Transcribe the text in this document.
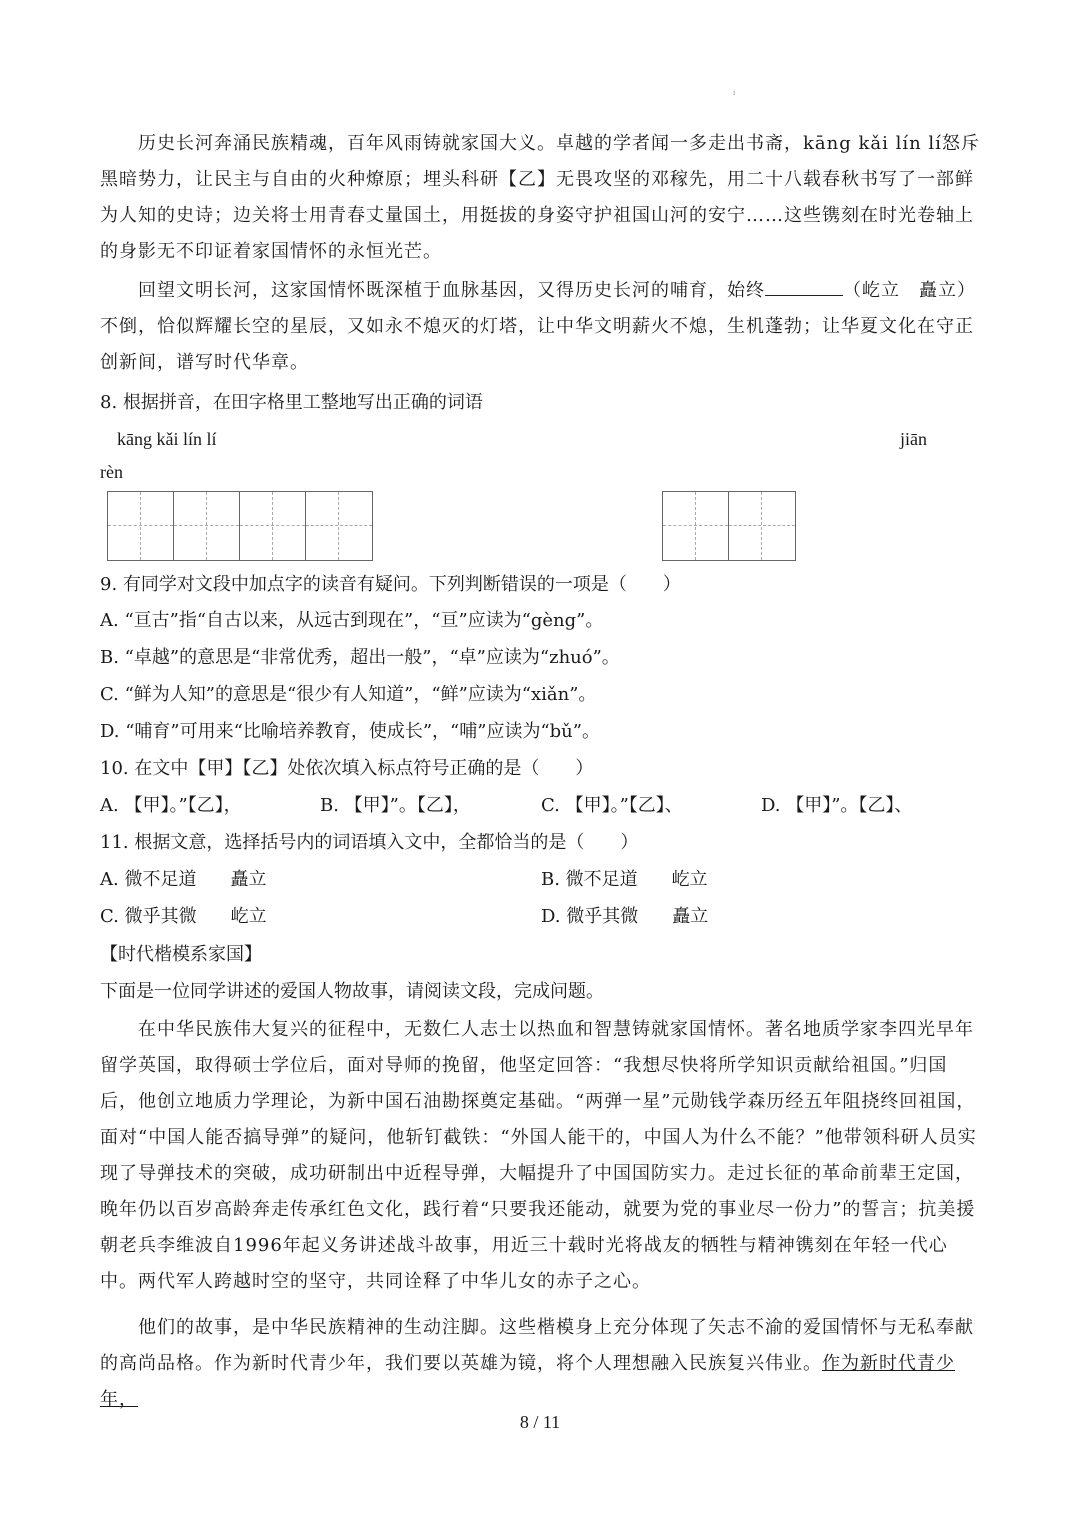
i
历史长河奔涌民族精魂，百年风雨铸就家国大义。卓越的学者闻一多走出书斋，kāng kǎi lín lí怒斥黑暗势力，让民主与自由的火种燎原；埋头科研【乙】无畏攻坚的邓稼先，用二十八载春秋书写了一部鲜为人知的史诗；边关将士用青春丈量国土，用挺拔的身姿守护祖国山河的安宁……这些镌刻在时光卷轴上的身影无不印证着家国情怀的永恒光芒。
回望文明长河，这家国情怀既深植于血脉基因，又得历史长河的哺育，始终	（屹立　矗立）不倒，恰似辉耀长空的星辰，又如永不熄灭的灯塔，让中华文明薪火不熄，生机蓬勃；让华夏文化在守正创新间，谱写时代华章。
8. 根据拼音，在田字格里工整地写出正确的词语
kāng kǎi lín lí	jiān
rèn
9. 有同学对文段中加点字的读音有疑问。下列判断错误的一项是（　　）
A. “亘古”指“自古以来，从远古到现在”，“亘”应读为“gèng”。
B. “卓越”的意思是“非常优秀，超出一般”，“卓”应读为“zhuó”。
C. “鲜为人知”的意思是“很少有人知道”，“鲜”应读为“xiǎn”。
D. “哺育”可用来“比喻培养教育，使成长”，“哺”应读为“bǔ”。
10. 在文中【甲】【乙】处依次填入标点符号正确的是（　　）
A. 【甲】。”【乙】，	B. 【甲】”。【乙】，	C. 【甲】。”【乙】、	D. 【甲】”。【乙】、
11. 根据文意，选择括号内的词语填入文中，全都恰当的是（　　）
A. 微不足道 矗立	B. 微不足道 屹立
C. 微乎其微 屹立	D. 微乎其微 矗立
【时代楷模系家国】
下面是一位同学讲述的爱国人物故事，请阅读文段，完成问题。
在中华民族伟大复兴的征程中，无数仁人志士以热血和智慧铸就家国情怀。著名地质学家李四光早年留学英国，取得硕士学位后，面对导师的挽留，他坚定回答：“我想尽快将所学知识贡献给祖国。”归国后，他创立地质力学理论，为新中国石油勘探奠定基础。“两弹一星”元勋钱学森历经五年阻挠终回祖国，面对“中国人能否搞导弹”的疑问，他斩钉截铁：“外国人能干的，中国人为什么不能？”他带领科研人员实现了导弹技术的突破，成功研制出中近程导弹，大幅提升了中国国防实力。走过长征的革命前辈王定国，晚年仍以百岁高龄奔走传承红色文化，践行着“只要我还能动，就要为党的事业尽一份力”的誓言；抗美援朝老兵李维波自1996年起义务讲述战斗故事，用近三十载时光将战友的牺牲与精神镌刻在年轻一代心中。两代军人跨越时空的坚守，共同诠释了中华儿女的赤子之心。
他们的故事，是中华民族精神的生动注脚。这些楷模身上充分体现了矢志不渝的爱国情怀与无私奉献的高尚品格。作为新时代青少年，我们要以英雄为镜，将个人理想融入民族复兴伟业。作为新时代青少年，
8 / 11
